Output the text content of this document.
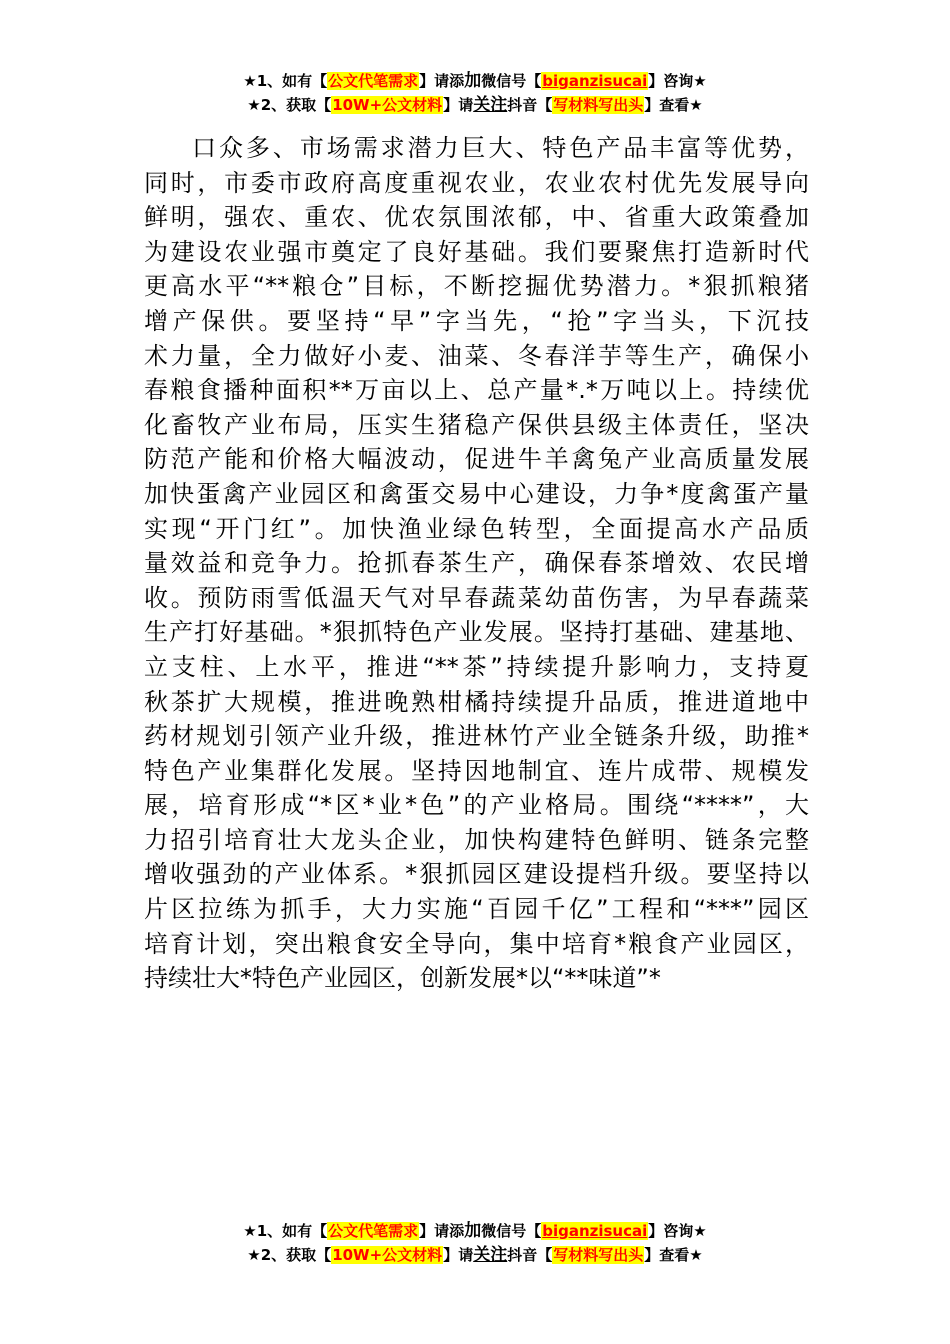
★1、如有【公文代笔需求】请添加微信号【biganzisucai】咨询★
★2、获取【10W+公文材料】请关注抖音【写材料写出头】查看★
口众多、市场需求潜力巨大、特色产品丰富等优势，
同时，市委市政府高度重视农业，农业农村优先发展导向
鲜明，强农、重农、优农氛围浓郁，中、省重大政策叠加
为建设农业强市奠定了良好基础。我们要聚焦打造新时代
更高水平“**粮仓”目标，不断挖掘优势潜力。*狠抓粮猪
增产保供。要坚持“早”字当先，“抢”字当头，下沉技
术力量，全力做好小麦、油菜、冬春洋芋等生产，确保小
春粮食播种面积**万亩以上、总产量*.*万吨以上。持续优
化畜牧产业布局，压实生猪稳产保供县级主体责任，坚决
防范产能和价格大幅波动，促进牛羊禽兔产业高质量发展
加快蛋禽产业园区和禽蛋交易中心建设，力争*度禽蛋产量
实现“开门红”。加快渔业绿色转型，全面提高水产品质
量效益和竞争力。抢抓春茶生产，确保春茶增效、农民增
收。预防雨雪低温天气对早春蔬菜幼苗伤害，为早春蔬菜
生产打好基础。*狠抓特色产业发展。坚持打基础、建基地、
立支柱、上水平，推进“**茶”持续提升影响力，支持夏
秋茶扩大规模，推进晚熟柑橘持续提升品质，推进道地中
药材规划引领产业升级，推进林竹产业全链条升级，助推*
特色产业集群化发展。坚持因地制宜、连片成带、规模发
展，培育形成“*区*业*色”的产业格局。围绕“****”，大
力招引培育壮大龙头企业，加快构建特色鲜明、链条完整
增收强劲的产业体系。*狠抓园区建设提档升级。要坚持以
片区拉练为抓手，大力实施“百园千亿”工程和“***”园区
培育计划，突出粮食安全导向，集中培育*粮食产业园区，
持续壮大*特色产业园区，创新发展*以“**味道”*
★1、如有【公文代笔需求】请添加微信号【biganzisucai】咨询★
★2、获取【10W+公文材料】请关注抖音【写材料写出头】查看★
